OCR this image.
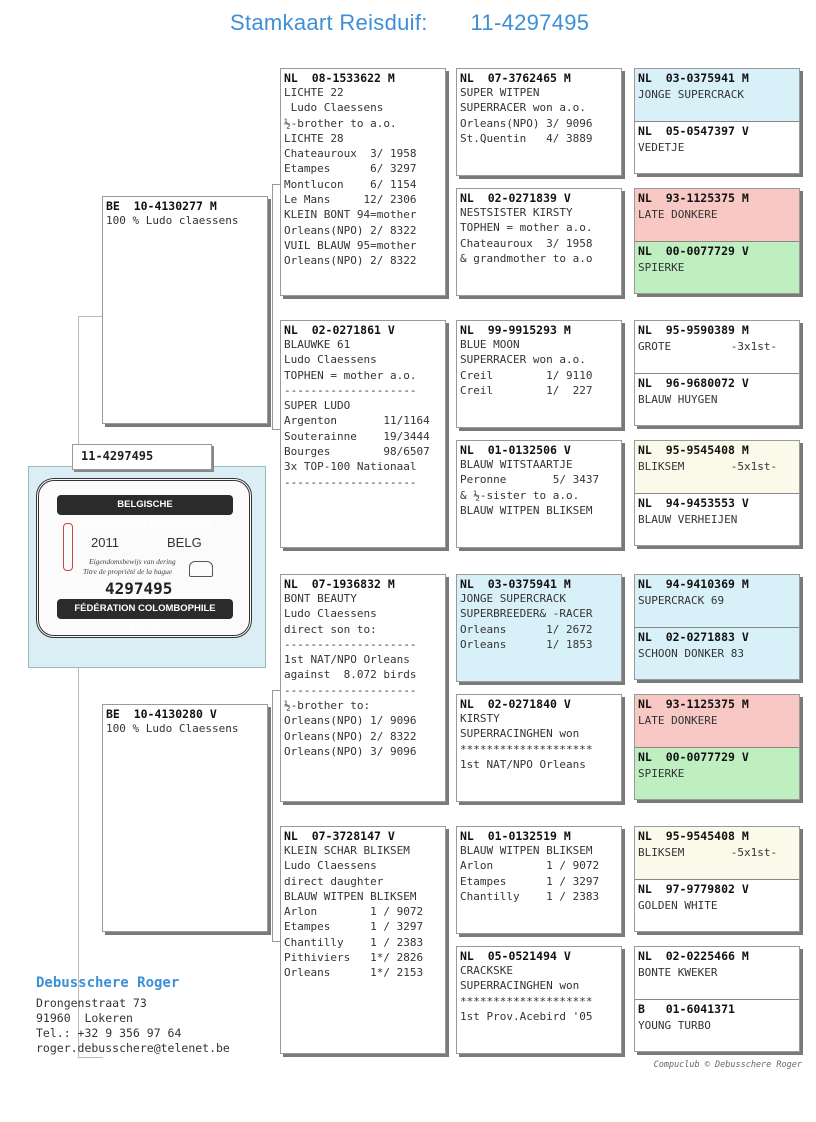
Stamkaart Reisduif: 11-4297495
BE  10-4130277 M
100 % Ludo claessens
BE  10-4130280 V
100 % Ludo Claessens
11-4297495
BELGISCHE DUIVENLIEFHEBBERSBOND
2011	BELG
Eigendomsbewijs van dering
Titre de propriété de la bague
4297495
FÉDÉRATION COLOMBOPHILE BELGE
NL  08-1533622 M
LICHTE 22
Ludo Claessens
½-brother to a.o.
LICHTE 28
Chateauroux  3/ 1958
Etampes      6/ 3297
Montlucon    6/ 1154
Le Mans     12/ 2306
KLEIN BONT 94=mother
Orleans(NPO) 2/ 8322
VUIL BLAUW 95=mother
Orleans(NPO) 2/ 8322
NL  02-0271861 V
BLAUWKE 61
Ludo Claessens
TOPHEN = mother a.o.
--------------------
SUPER LUDO
Argenton       11/1164
Souterainne    19/3444
Bourges        98/6507
3x TOP-100 Nationaal
--------------------
NL  07-1936832 M
BONT BEAUTY
Ludo Claessens
direct son to:
--------------------
1st NAT/NPO Orleans
against  8.072 birds
--------------------
½-brother to:
Orleans(NPO) 1/ 9096
Orleans(NPO) 2/ 8322
Orleans(NPO) 3/ 9096
NL  07-3728147 V
KLEIN SCHAR BLIKSEM
Ludo Claessens
direct daughter
BLAUW WITPEN BLIKSEM
Arlon        1 / 9072
Etampes      1 / 3297
Chantilly    1 / 2383
Pithiviers   1*/ 2826
Orleans      1*/ 2153
NL  07-3762465 M
SUPER WITPEN
SUPERRACER won a.o.
Orleans(NPO) 3/ 9096
St.Quentin   4/ 3889
NL  02-0271839 V
NESTSISTER KIRSTY
TOPHEN = mother a.o.
Chateauroux  3/ 1958
& grandmother to a.o
NL  99-9915293 M
BLUE MOON
SUPERRACER won a.o.
Creil        1/ 9110
Creil        1/  227
NL  01-0132506 V
BLAUW WITSTAARTJE
Peronne       5/ 3437
& ½-sister to a.o.
BLAUW WITPEN BLIKSEM
NL  03-0375941 M
JONGE SUPERCRACK
SUPERBREEDER& -RACER
Orleans      1/ 2672
Orleans      1/ 1853
NL  02-0271840 V
KIRSTY
SUPERRACINGHEN won
********************
1st NAT/NPO Orleans
NL  01-0132519 M
BLAUW WITPEN BLIKSEM
Arlon        1 / 9072
Etampes      1 / 3297
Chantilly    1 / 2383
NL  05-0521494 V
CRACKSKE
SUPERRACINGHEN won
********************
1st Prov.Acebird '05
NL  03-0375941 M
JONGE SUPERCRACK
NL  05-0547397 V
VEDETJE
NL  93-1125375 M
LATE DONKERE
NL  00-0077729 V
SPIERKE
NL  95-9590389 M
GROTE         -3x1st-
NL  96-9680072 V
BLAUW HUYGEN
NL  95-9545408 M
BLIKSEM       -5x1st-
NL  94-9453553 V
BLAUW VERHEIJEN
NL  94-9410369 M
SUPERCRACK 69
NL  02-0271883 V
SCHOON DONKER 83
NL  93-1125375 M
LATE DONKERE
NL  00-0077729 V
SPIERKE
NL  95-9545408 M
BLIKSEM       -5x1st-
NL  97-9779802 V
GOLDEN WHITE
NL  02-0225466 M
BONTE KWEKER
B   01-6041371
YOUNG TURBO
Debusschere Roger
Drongenstraat 73
91960  Lokeren
Tel.: +32 9 356 97 64
roger.debusschere@telenet.be
Compuclub © Debusschere Roger
